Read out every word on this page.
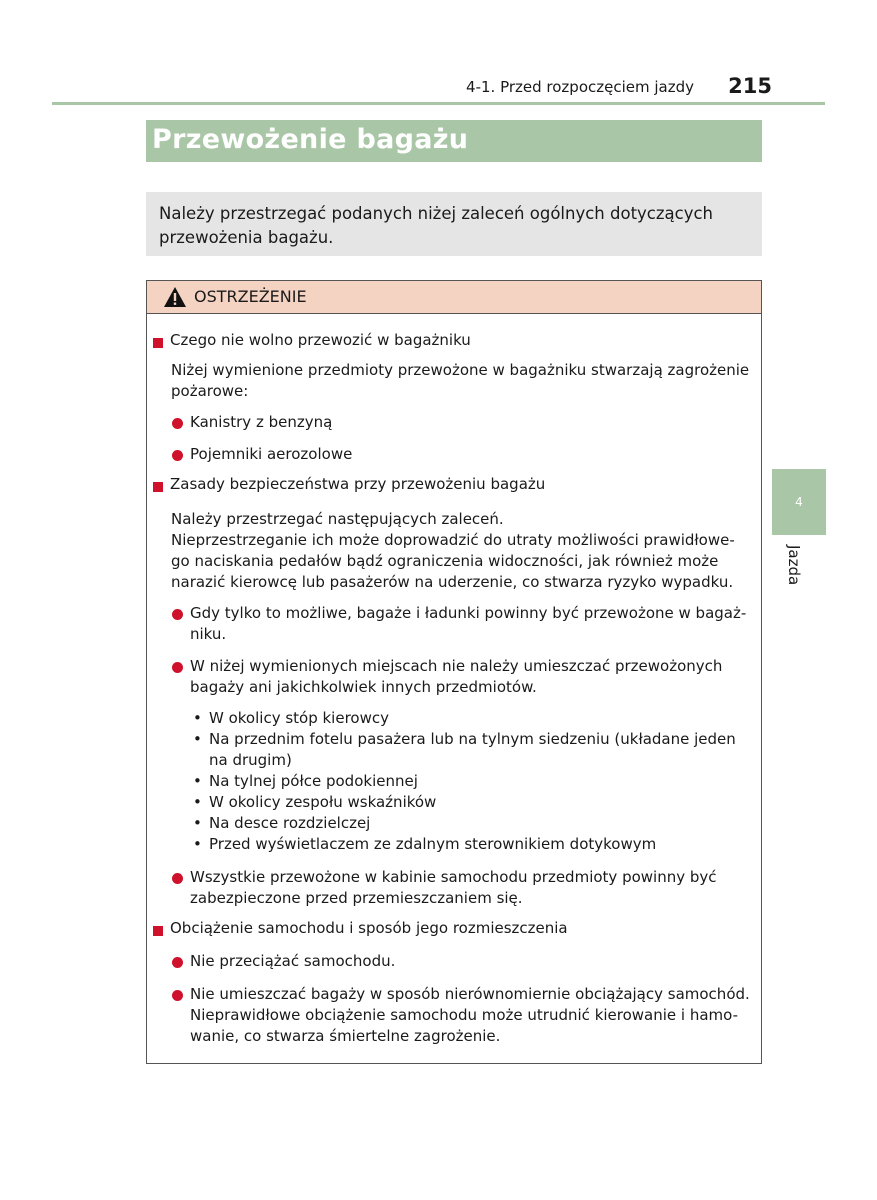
4-1. Przed rozpoczęciem jazdy 215
Przewożenie bagażu
Należy przestrzegać podanych niżej zaleceń ogólnych dotyczących przewożenia bagażu.
4
Jazda
OSTRZEŻENIE
Czego nie wolno przewozić w bagażniku
Niżej wymienione przedmioty przewożone w bagażniku stwarzają zagrożenie
pożarowe:
Kanistry z benzyną
Pojemniki aerozolowe
Zasady bezpieczeństwa przy przewożeniu bagażu
Należy przestrzegać następujących zaleceń.
Nieprzestrzeganie ich może doprowadzić do utraty możliwości prawidłowe-
go naciskania pedałów bądź ograniczenia widoczności, jak również może
narazić kierowcę lub pasażerów na uderzenie, co stwarza ryzyko wypadku.
Gdy tylko to możliwe, bagaże i ładunki powinny być przewożone w bagaż-
niku.
W niżej wymienionych miejscach nie należy umieszczać przewożonych
bagaży ani jakichkolwiek innych przedmiotów.
• W okolicy stóp kierowcy
• Na przednim fotelu pasażera lub na tylnym siedzeniu (układane jeden
na drugim)
• Na tylnej półce podokiennej
• W okolicy zespołu wskaźników
• Na desce rozdzielczej
• Przed wyświetlaczem ze zdalnym sterownikiem dotykowym
Wszystkie przewożone w kabinie samochodu przedmioty powinny być
zabezpieczone przed przemieszczaniem się.
Obciążenie samochodu i sposób jego rozmieszczenia
Nie przeciążać samochodu.
Nie umieszczać bagaży w sposób nierównomiernie obciążający samochód.
Nieprawidłowe obciążenie samochodu może utrudnić kierowanie i hamo-
wanie, co stwarza śmiertelne zagrożenie.
